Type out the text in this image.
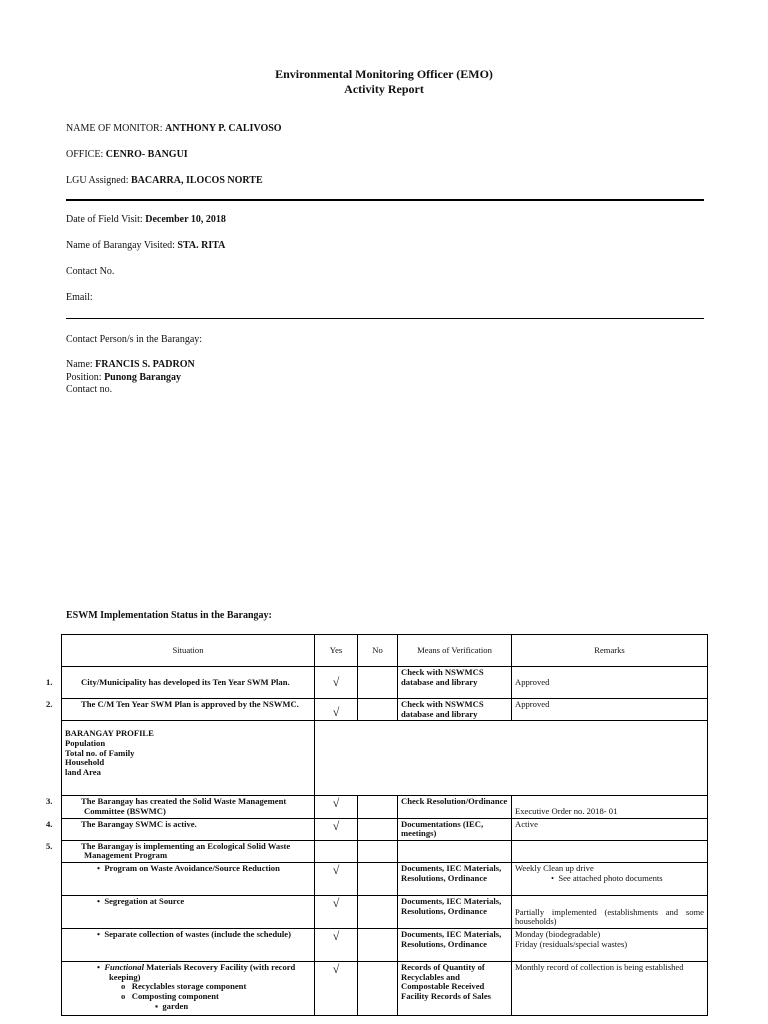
Environmental Monitoring Officer (EMO)
Activity Report
NAME OF MONITOR: ANTHONY P. CALIVOSO
OFFICE: CENRO- BANGUI
LGU Assigned: BACARRA, ILOCOS NORTE
Date of Field Visit: December 10, 2018
Name of Barangay Visited: STA. RITA
Contact No.
Email:
Contact Person/s in the Barangay:
Name: FRANCIS S. PADRON
Position: Punong Barangay
Contact no.
ESWM Implementation Status in the Barangay:
Situation	Yes	No	Means of Verification	Remarks

1. City/Municipality has developed its Ten Year SWM Plan.	√		Check with NSWMCS database and library	Approved

2. The C/M Ten Year SWM Plan is approved by the NSWMC.	√		Check with NSWMCS database and library	Approved

BARANGAY PROFILE
Population
Total no. of Family
Household
land Area				

3. The Barangay has created the Solid Waste Management Committee (BSWMC)	√		Check Resolution/Ordinance	Executive Order no. 2018- 01

4. The Barangay SWMC is active.	√		Documentations (IEC, meetings)	Active

5. The Barangay is implementing an Ecological Solid Waste Management Program				

•  Program on Waste Avoidance/Source Reduction	√		Documents, IEC Materials, Resolutions, Ordinance	Weekly Clean up drive
•  See attached photo documents

•  Segregation at Source	√		Documents, IEC Materials, Resolutions, Ordinance	Partially implemented (establishments and some households)

•  Separate collection of wastes (include the schedule)	√		Documents, IEC Materials, Resolutions, Ordinance	Monday (biodegradable)
Friday (residuals/special wastes)

•  Functional Materials Recovery Facility (with record keeping)
o   Recyclables storage component
o   Composting component
▪  garden	√		Records of Quantity of Recyclables and Compostable Received Facility Records of Sales	Monthly record of collection is being established
